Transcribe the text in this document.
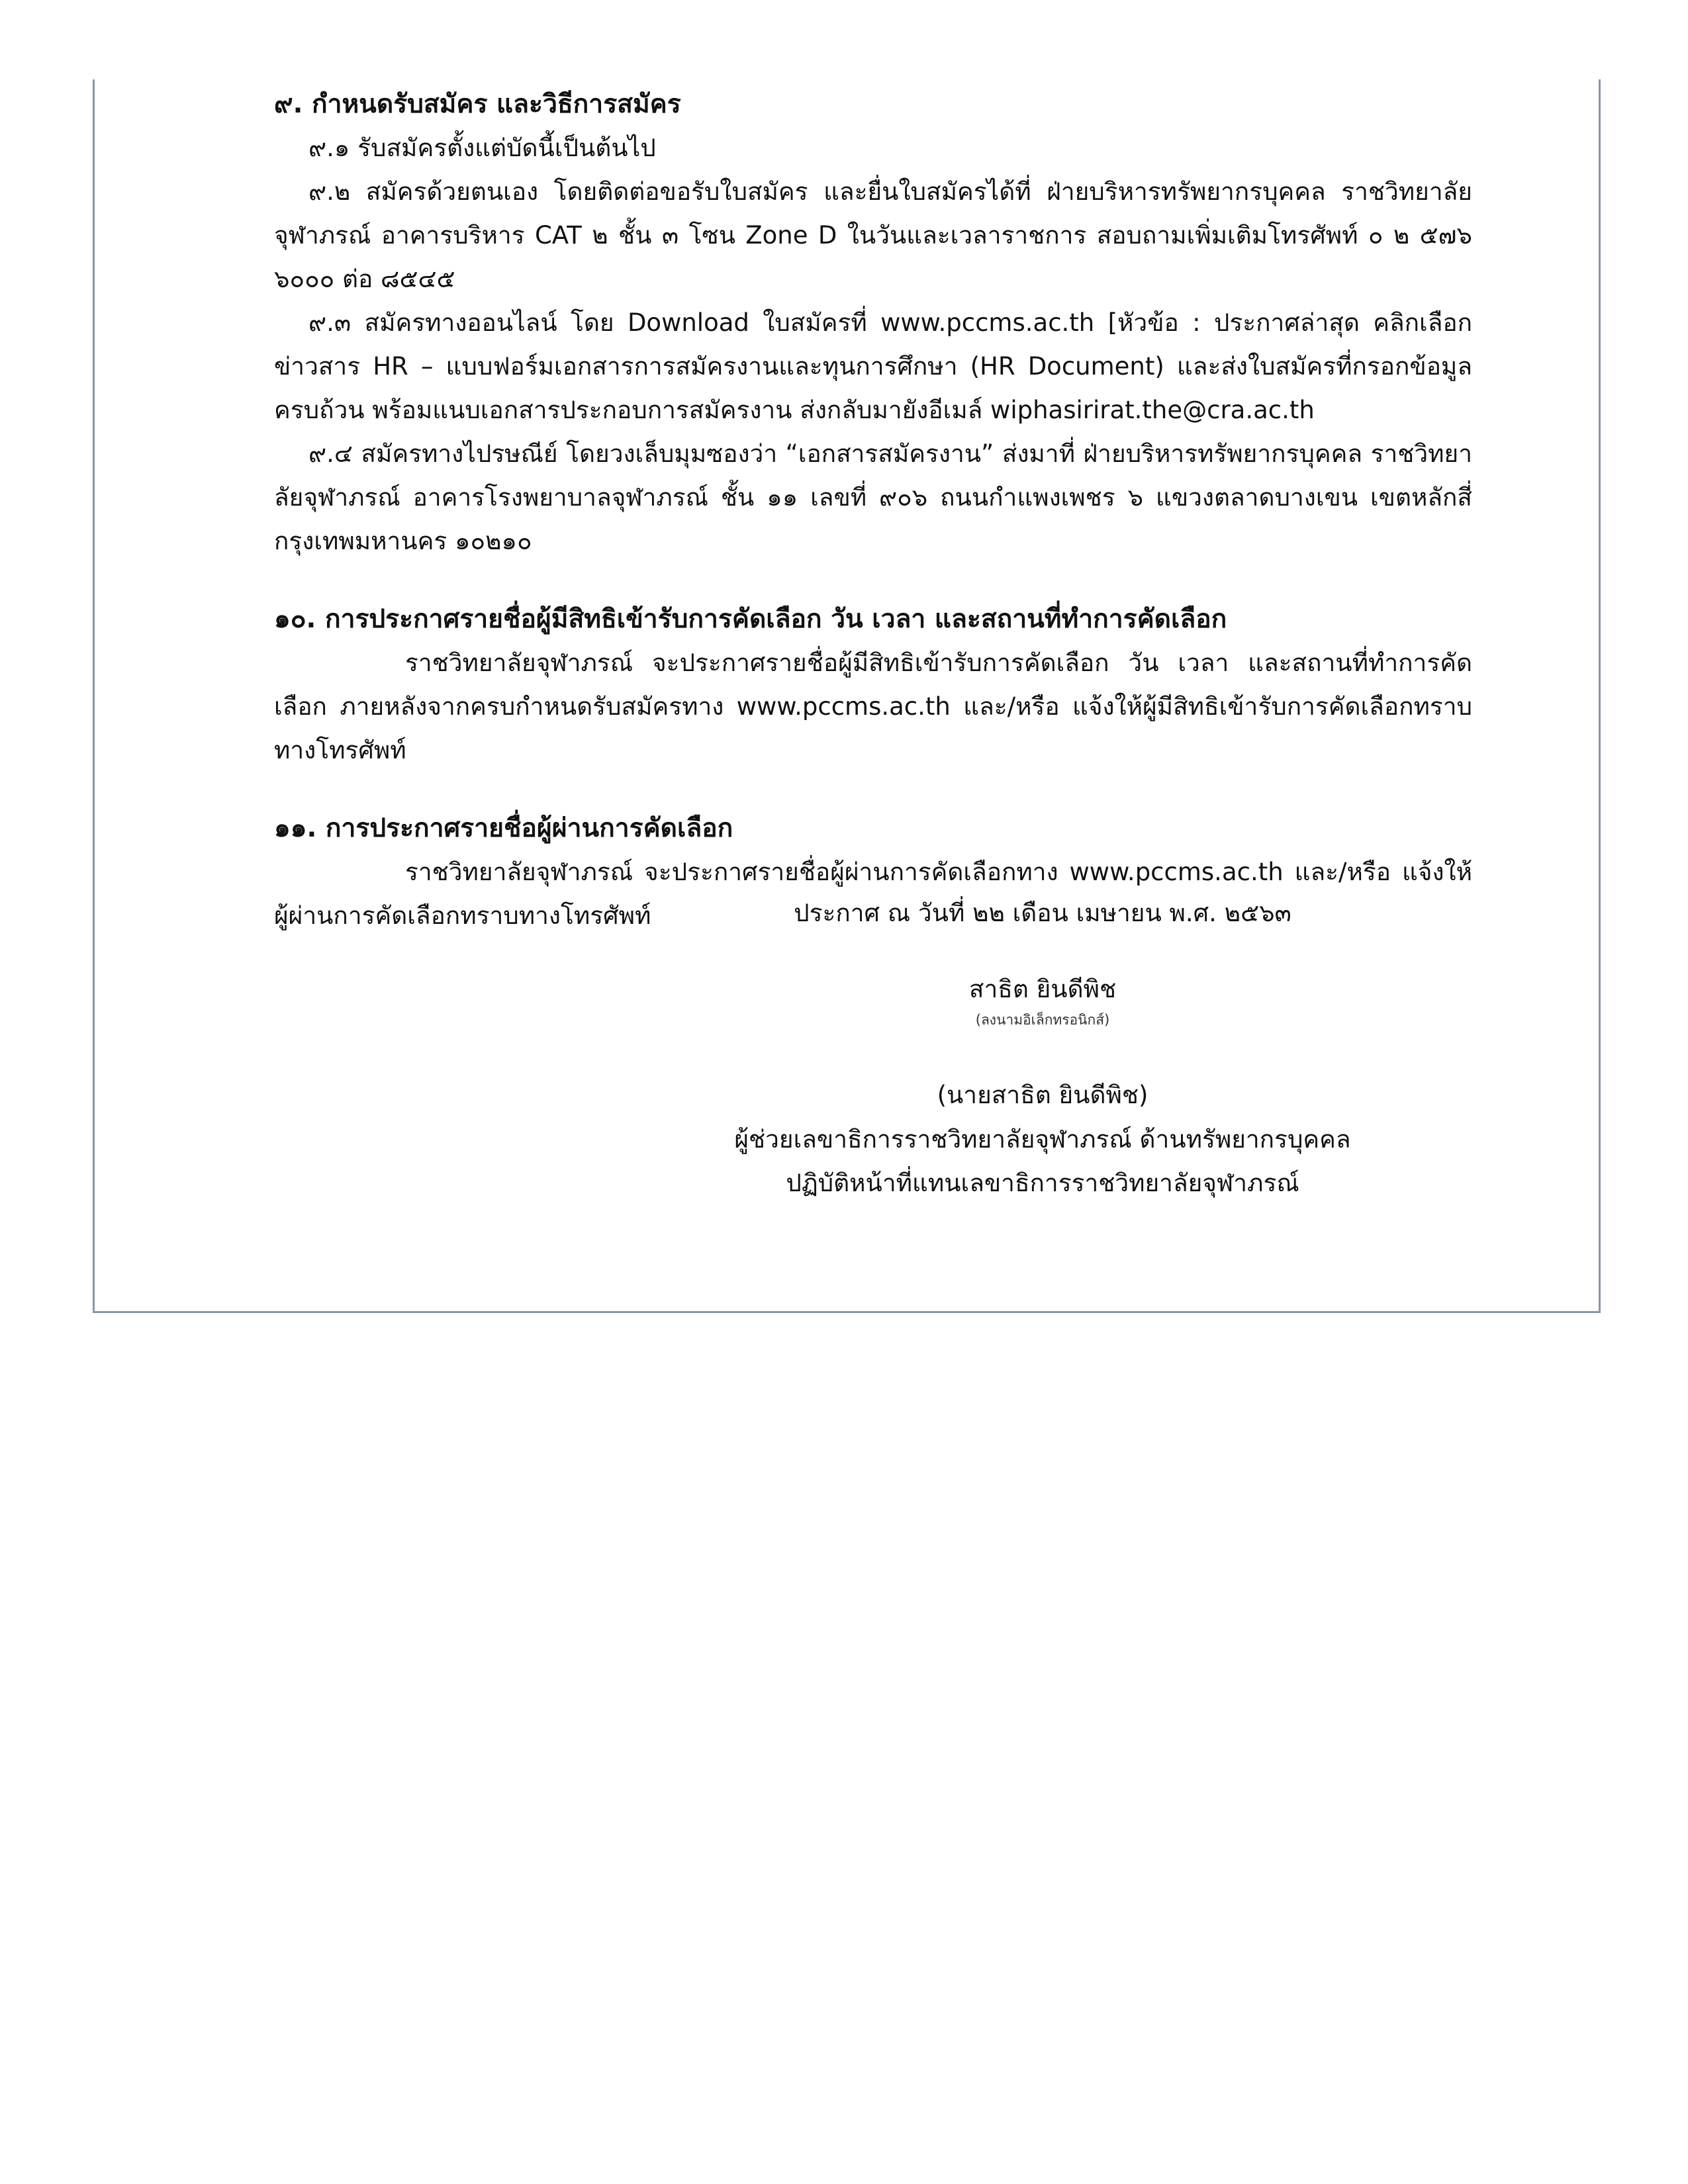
๙. กำหนดรับสมัคร และวิธีการสมัคร

๙.๑ รับสมัครตั้งแต่บัดนี้เป็นต้นไป

๙.๒ สมัครด้วยตนเอง โดยติดต่อขอรับใบสมัคร และยื่นใบสมัครได้ที่ ฝ่ายบริหารทรัพยากรบุคคล ราชวิทยาลัยจุฬาภรณ์ อาคารบริหาร CAT ๒ ชั้น ๓ โซน Zone D ในวันและเวลาราชการ สอบถามเพิ่มเติมโทรศัพท์ ๐ ๒ ๕๗๖ ๖๐๐๐ ต่อ ๘๕๔๕

๙.๓ สมัครทางออนไลน์ โดย Download ใบสมัครที่ www.pccms.ac.th [หัวข้อ : ประกาศล่าสุด คลิกเลือกข่าวสาร HR – แบบฟอร์มเอกสารการสมัครงานและทุนการศึกษา (HR Document) และส่งใบสมัครที่กรอกข้อมูลครบถ้วน พร้อมแนบเอกสารประกอบการสมัครงาน ส่งกลับมายังอีเมล์ wiphasirirat.the@cra.ac.th

๙.๔ สมัครทางไปรษณีย์ โดยวงเล็บมุมซองว่า “เอกสารสมัครงาน” ส่งมาที่ ฝ่ายบริหารทรัพยากรบุคคล ราชวิทยาลัยจุฬาภรณ์ อาคารโรงพยาบาลจุฬาภรณ์ ชั้น ๑๑ เลขที่ ๙๐๖ ถนนกำแพงเพชร ๖ แขวงตลาดบางเขน เขตหลักสี่ กรุงเทพมหานคร ๑๐๒๑๐

๑๐. การประกาศรายชื่อผู้มีสิทธิเข้ารับการคัดเลือก วัน เวลา และสถานที่ทำการคัดเลือก

ราชวิทยาลัยจุฬาภรณ์ จะประกาศรายชื่อผู้มีสิทธิเข้ารับการคัดเลือก วัน เวลา และสถานที่ทำการคัดเลือก ภายหลังจากครบกำหนดรับสมัครทาง www.pccms.ac.th และ/หรือ แจ้งให้ผู้มีสิทธิเข้ารับการคัดเลือกทราบทางโทรศัพท์

๑๑. การประกาศรายชื่อผู้ผ่านการคัดเลือก

ราชวิทยาลัยจุฬาภรณ์ จะประกาศรายชื่อผู้ผ่านการคัดเลือกทาง www.pccms.ac.th และ/หรือ แจ้งให้ผู้ผ่านการคัดเลือกทราบทางโทรศัพท์	ประกาศ ณ วันที่ ๒๒ เดือน เมษายน พ.ศ. ๒๕๖๓
สาธิต ยินดีพิช
(ลงนามอิเล็กทรอนิกส์)
(นายสาธิต ยินดีพิช)
ผู้ช่วยเลขาธิการราชวิทยาลัยจุฬาภรณ์ ด้านทรัพยากรบุคคล
ปฏิบัติหน้าที่แทนเลขาธิการราชวิทยาลัยจุฬาภรณ์
